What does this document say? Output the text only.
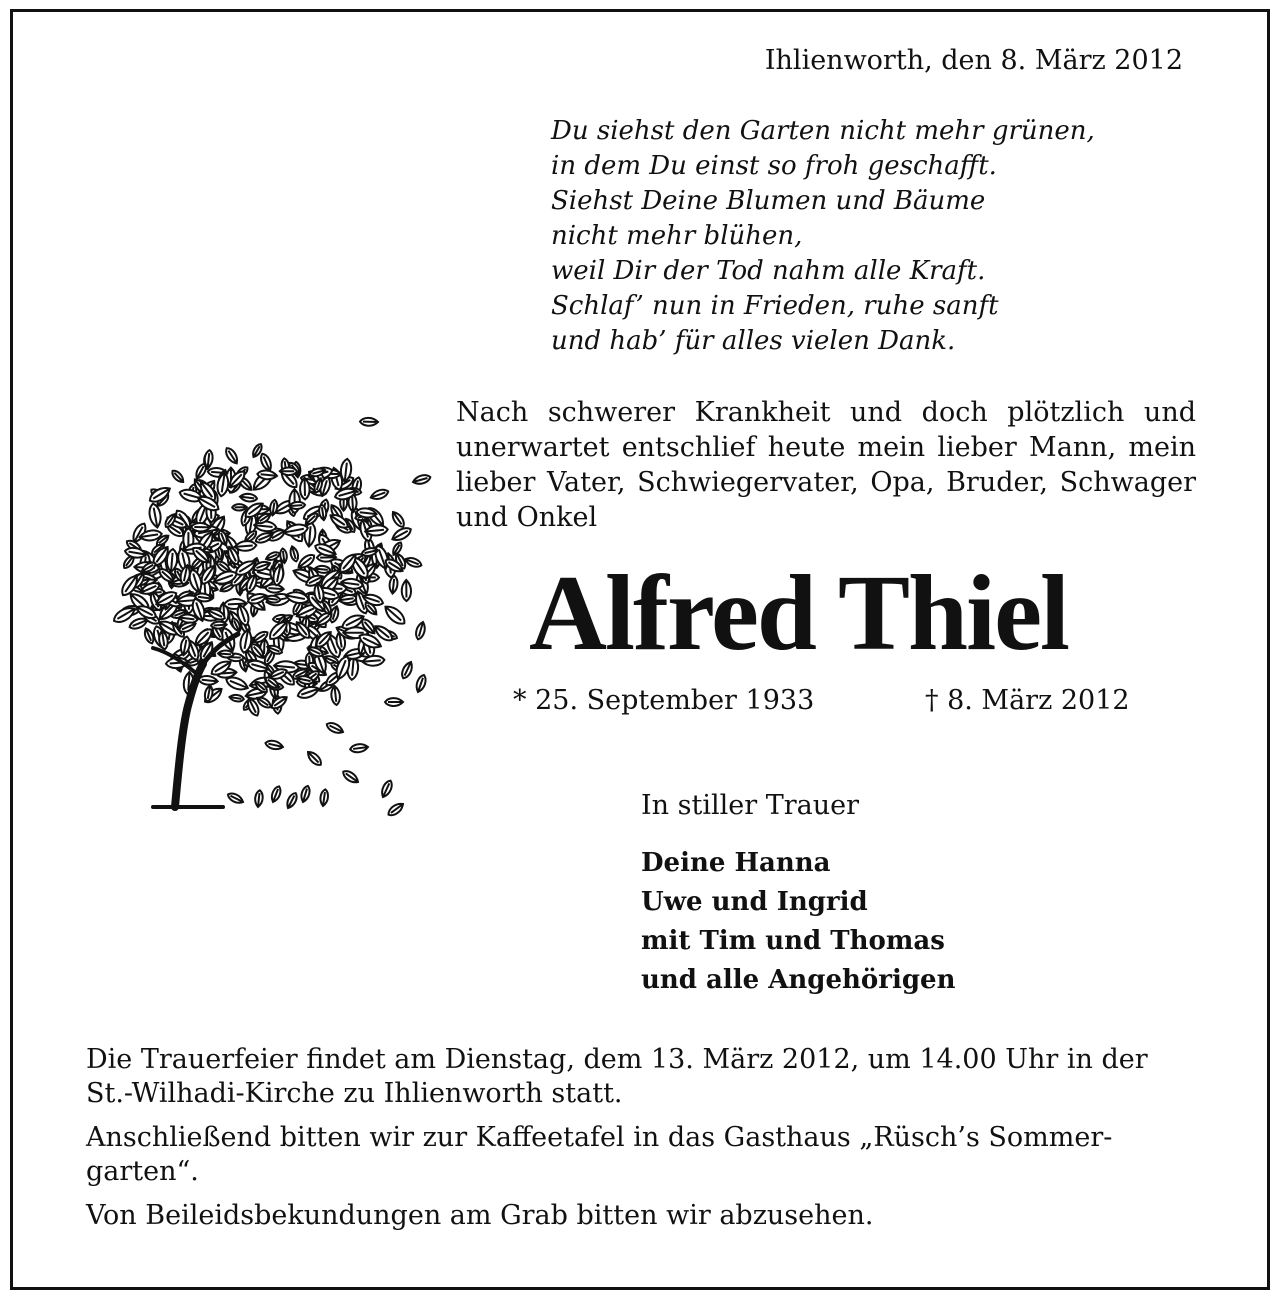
Ihlienworth, den 8. März 2012
Du siehst den Garten nicht mehr grünen,
in dem Du einst so froh geschafft.
Siehst Deine Blumen und Bäume
nicht mehr blühen,
weil Dir der Tod nahm alle Kraft.
Schlaf’ nun in Frieden, ruhe sanft
und hab’ für alles vielen Dank.
Nach schwerer Krankheit und doch plötzlich und unerwartet entschlief heute mein lieber Mann, mein lieber Vater, Schwiegervater, Opa, Bruder, Schwager und Onkel
Alfred Thiel
* 25. September 1933	† 8. März 2012
In stiller Trauer
Deine Hanna
Uwe und Ingrid
mit Tim und Thomas
und alle Angehörigen

Die Trauerfeier findet am Dienstag, dem 13. März 2012, um 14.00 Uhr in der St.-Wilhadi-Kirche zu Ihlienworth statt.

Anschließend bitten wir zur Kaffeetafel in das Gasthaus „Rüsch’s Sommer-garten“.

Von Beileidsbekundungen am Grab bitten wir abzusehen.
